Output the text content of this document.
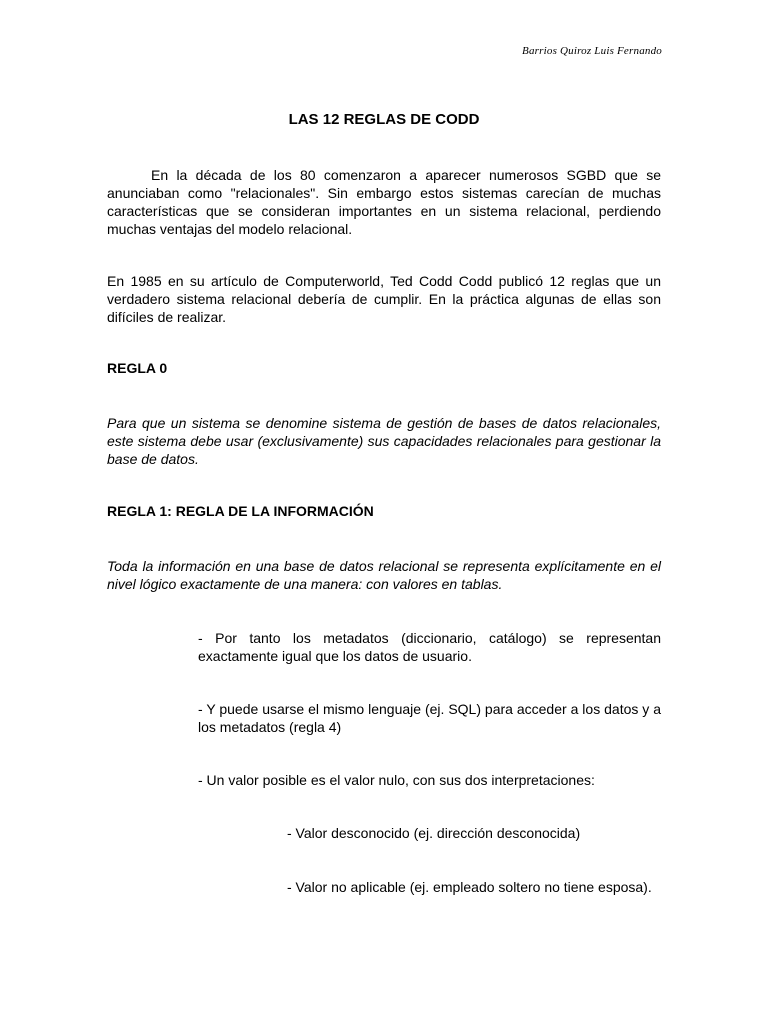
Barrios Quiroz Luis Fernando
LAS 12 REGLAS DE CODD

En la década de los 80 comenzaron a aparecer numerosos SGBD que se anunciaban como "relacionales". Sin embargo estos sistemas carecían de muchas características que se consideran importantes en un sistema relacional, perdiendo muchas ventajas del modelo relacional.

En 1985 en su artículo de Computerworld, Ted Codd Codd publicó 12 reglas que un verdadero sistema relacional debería de cumplir. En la práctica algunas de ellas son difíciles de realizar.

REGLA 0

Para que un sistema se denomine sistema de gestión de bases de datos relacionales, este sistema debe usar (exclusivamente) sus capacidades relacionales para gestionar la base de datos.

REGLA 1: REGLA DE LA INFORMACIÓN

Toda la información en una base de datos relacional se representa explícitamente en el nivel lógico exactamente de una manera: con valores en tablas.

- Por tanto los metadatos (diccionario, catálogo) se representan exactamente igual que los datos de usuario.

- Y puede usarse el mismo lenguaje (ej. SQL) para acceder a los datos y a los metadatos (regla 4)

- Un valor posible es el valor nulo, con sus dos interpretaciones:

- Valor desconocido (ej. dirección desconocida)

- Valor no aplicable (ej. empleado soltero no tiene esposa).
